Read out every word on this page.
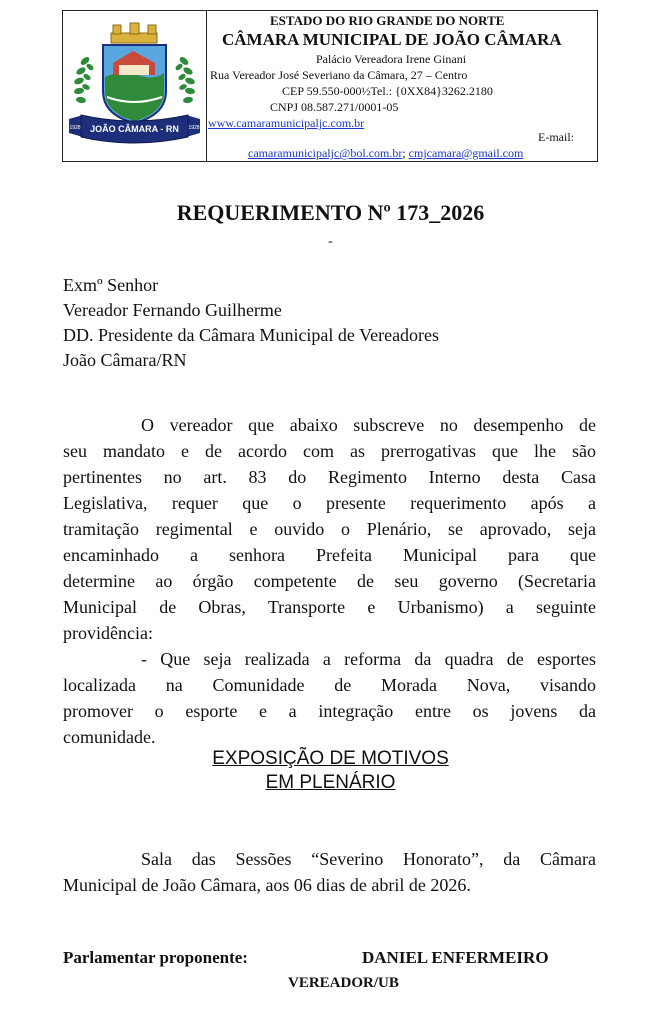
JOÃO CÂMARA - RN
1928	1928
ESTADO DO RIO GRANDE DO NORTE
CÂMARA MUNICIPAL DE JOÃO CÂMARA
Palácio Vereadora Irene Ginani
Rua Vereador José Severiano da Câmara, 27 – Centro
CEP 59.550-000½Tel.: {0XX84}3262.2180
CNPJ 08.587.271/0001-05
www.camaramunicipaljc.com.br
E-mail:
camaramunicipaljc@bol.com.br; cmjcamara@gmail.com
REQUERIMENTO Nº 173_2026
-
Exmº Senhor
Vereador Fernando Guilherme
DD. Presidente da Câmara Municipal de Vereadores
João Câmara/RN
O vereador que abaixo subscreve no desempenho de
seu mandato e de acordo com as prerrogativas que lhe são
pertinentes no art. 83 do Regimento Interno desta Casa
Legislativa, requer que o presente requerimento após a
tramitação regimental e ouvido o Plenário, se aprovado, seja
encaminhado a senhora Prefeita Municipal para que
determine ao órgão competente de seu governo (Secretaria
Municipal de Obras, Transporte e Urbanismo) a seguinte
providência:
- Que seja realizada a reforma da quadra de esportes
localizada na Comunidade de Morada Nova, visando
promover o esporte e a integração entre os jovens da
comunidade.
EXPOSIÇÃO DE MOTIVOS
EM PLENÁRIO
Sala das Sessões “Severino Honorato”, da Câmara
Municipal de João Câmara, aos 06 dias de abril de 2026.
Parlamentar proponente:	DANIEL ENFERMEIRO
VEREADOR/UB
